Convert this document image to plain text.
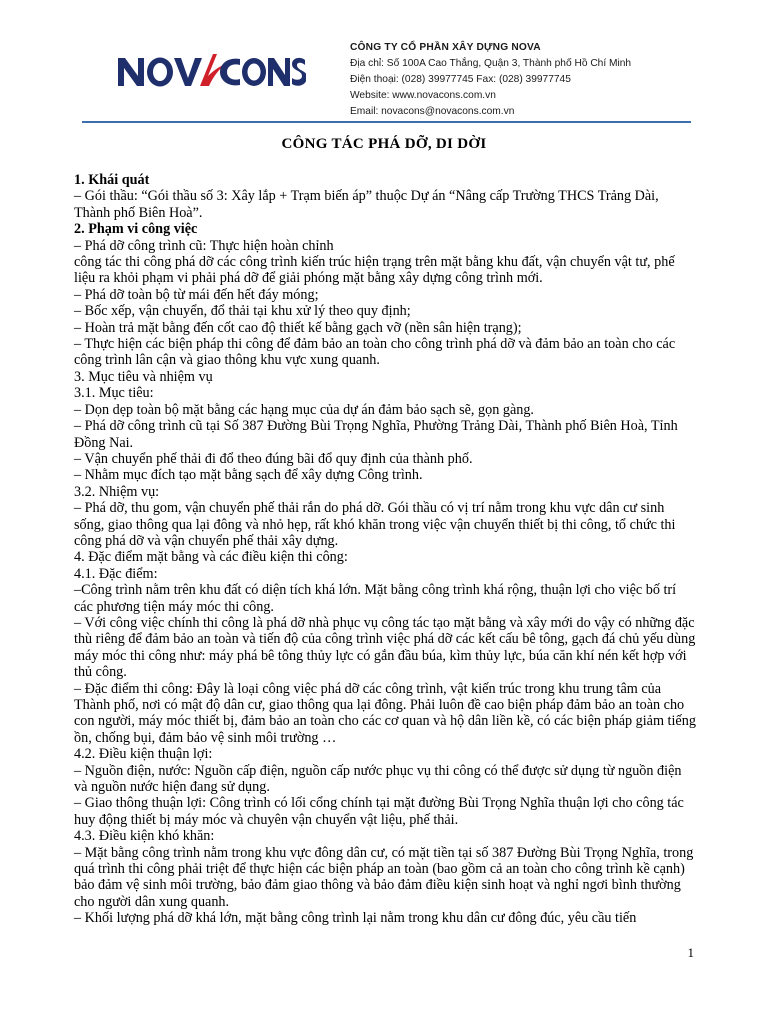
CÔNG TY CỔ PHẦN XÂY DỰNG NOVA
Địa chỉ: Số 100A Cao Thắng, Quận 3, Thành phố Hồ Chí Minh
Điện thoại: (028) 39977745 Fax: (028) 39977745
Website: www.novacons.com.vn
Email: novacons@novacons.com.vn
CÔNG TÁC PHÁ DỠ, DI DỜI

1. Khái quát

– Gói thầu: “Gói thầu số 3: Xây lắp + Trạm biến áp” thuộc Dự án “Nâng cấp Trường THCS Trảng Dài, Thành phố Biên Hoà”.

2. Phạm vi công việc

– Phá dỡ công trình cũ: Thực hiện hoàn chỉnh

công tác thi công phá dỡ các công trình kiến trúc hiện trạng trên mặt bằng khu đất, vận chuyển vật tư, phế liệu ra khỏi phạm vi phải phá dỡ để giải phóng mặt bằng xây dựng công trình mới.

– Phá dỡ toàn bộ từ mái đến hết đáy móng;

– Bốc xếp, vận chuyển, đổ thải tại khu xử lý theo quy định;

– Hoàn trả mặt bằng đến cốt cao độ thiết kế bằng gạch vỡ (nền sân hiện trạng);

– Thực hiện các biện pháp thi công để đảm bảo an toàn cho công trình phá dỡ và đảm bảo an toàn cho các công trình lân cận và giao thông khu vực xung quanh.

3. Mục tiêu và nhiệm vụ

3.1. Mục tiêu:

– Dọn dẹp toàn bộ mặt bằng các hạng mục của dự án đảm bảo sạch sẽ, gọn gàng.

– Phá dỡ công trình cũ tại Số 387 Đường Bùi Trọng Nghĩa, Phường Trảng Dài, Thành phố Biên Hoà, Tỉnh Đồng Nai.

– Vận chuyển phế thải đi đổ theo đúng bãi đổ quy định của thành phố.

– Nhằm mục đích tạo mặt bằng sạch để xây dựng Công trình.

3.2. Nhiệm vụ:

– Phá dỡ, thu gom, vận chuyển phế thải rắn do phá dỡ. Gói thầu có vị trí nằm trong khu vực dân cư sinh sống, giao thông qua lại đông và nhỏ hẹp, rất khó khăn trong việc vận chuyển thiết bị thi công, tổ chức thi công phá dỡ và vận chuyển phế thải xây dựng.

4. Đặc điểm mặt bằng và các điều kiện thi công:

4.1. Đặc điểm:

–Công trình nằm trên khu đất có diện tích khá lớn. Mặt bằng công trình khá rộng, thuận lợi cho việc bố trí các phương tiện máy móc thi công.

– Với công việc chính thi công là phá dỡ nhà phục vụ công tác tạo mặt bằng và xây mới do vậy có những đặc thù riêng để đảm bảo an toàn và tiến độ của công trình việc phá dỡ các kết cấu bê tông, gạch đá chủ yếu dùng máy móc thi công như: máy phá bê tông thủy lực có gắn đầu búa, kìm thủy lực, búa căn khí nén kết hợp với thủ công.

– Đặc điểm thi công: Đây là loại công việc phá dỡ các công trình, vật kiến trúc trong khu trung tâm của Thành phố, nơi có mật độ dân cư, giao thông qua lại đông. Phải luôn đề cao biện pháp đảm bảo an toàn cho con người, máy móc thiết bị, đảm bảo an toàn cho các cơ quan và hộ dân liền kề, có các biện pháp giảm tiếng ồn, chống bụi, đảm bảo vệ sinh môi trường …

4.2. Điều kiện thuận lợi:

– Nguồn điện, nước: Nguồn cấp điện, nguồn cấp nước phục vụ thi công có thể được sử dụng từ nguồn điện và nguồn nước hiện đang sử dụng.

– Giao thông thuận lợi: Công trình có lối cổng chính tại mặt đường Bùi Trọng Nghĩa thuận lợi cho công tác huy động thiết bị máy móc và chuyên vận chuyển vật liệu, phế thải.

4.3. Điều kiện khó khăn:

– Mặt bằng công trình nằm trong khu vực đông dân cư, có mặt tiền tại số 387 Đường Bùi Trọng Nghĩa, trong quá trình thi công phải triệt để thực hiện các biện pháp an toàn (bao gồm cả an toàn cho công trình kề cạnh) bảo đảm vệ sinh môi trường, bảo đảm giao thông và bảo đảm điều kiện sinh hoạt và nghỉ ngơi bình thường cho người dân xung quanh.

– Khối lượng phá dỡ khá lớn, mặt bằng công trình lại nằm trong khu dân cư đông đúc, yêu cầu tiến

1
